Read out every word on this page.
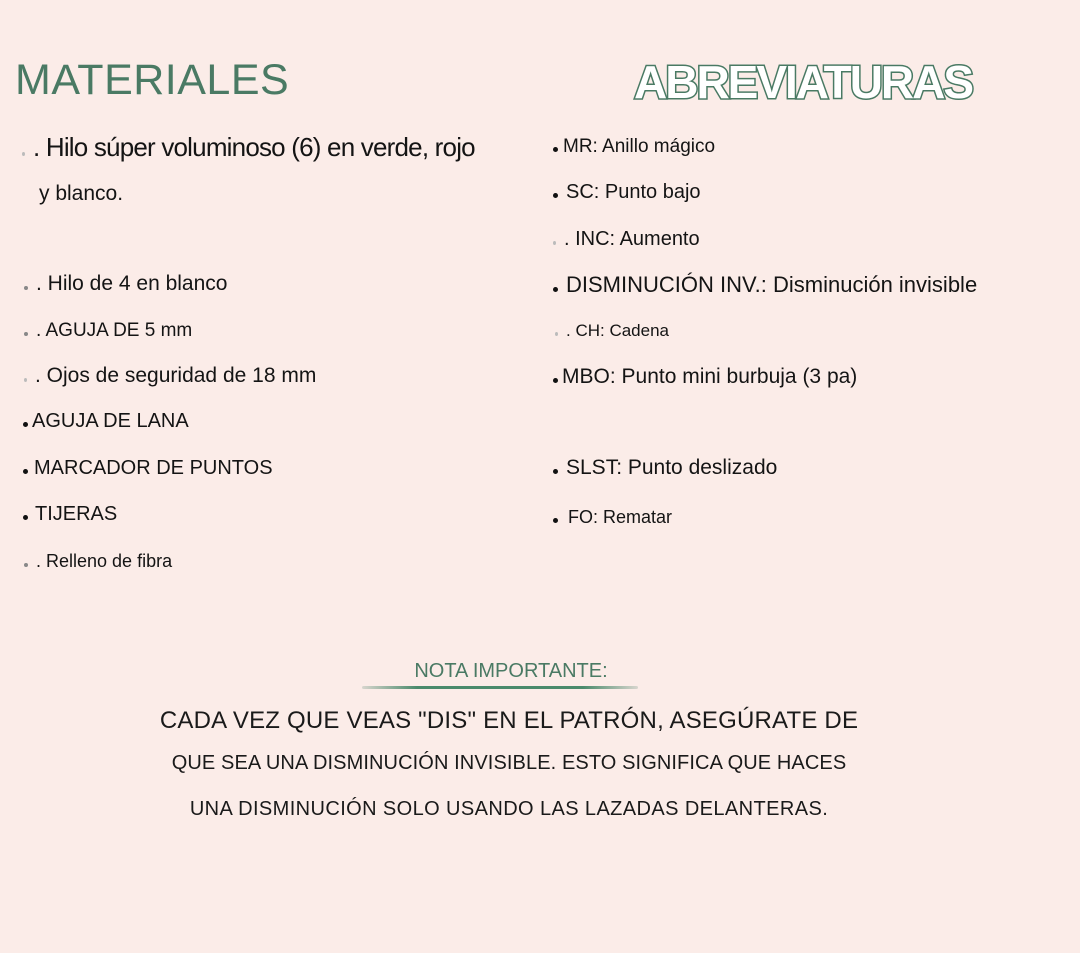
MATERIALES	ABREVIATURAS
. Hilo súper voluminoso (6) en verde, rojo
y blanco.
. Hilo de 4 en blanco
. AGUJA DE 5 mm
. Ojos de seguridad de 18 mm
AGUJA DE LANA
MARCADOR DE PUNTOS
TIJERAS
. Relleno de fibra
MR: Anillo mágico
SC: Punto bajo
. INC: Aumento
DISMINUCIÓN INV.: Disminución invisible
. CH: Cadena
MBO: Punto mini burbuja (3 pa)
SLST: Punto deslizado
FO: Rematar
NOTA IMPORTANTE:
CADA VEZ QUE VEAS "DIS" EN EL PATRÓN, ASEGÚRATE DE
QUE SEA UNA DISMINUCIÓN INVISIBLE. ESTO SIGNIFICA QUE HACES
UNA DISMINUCIÓN SOLO USANDO LAS LAZADAS DELANTERAS.
